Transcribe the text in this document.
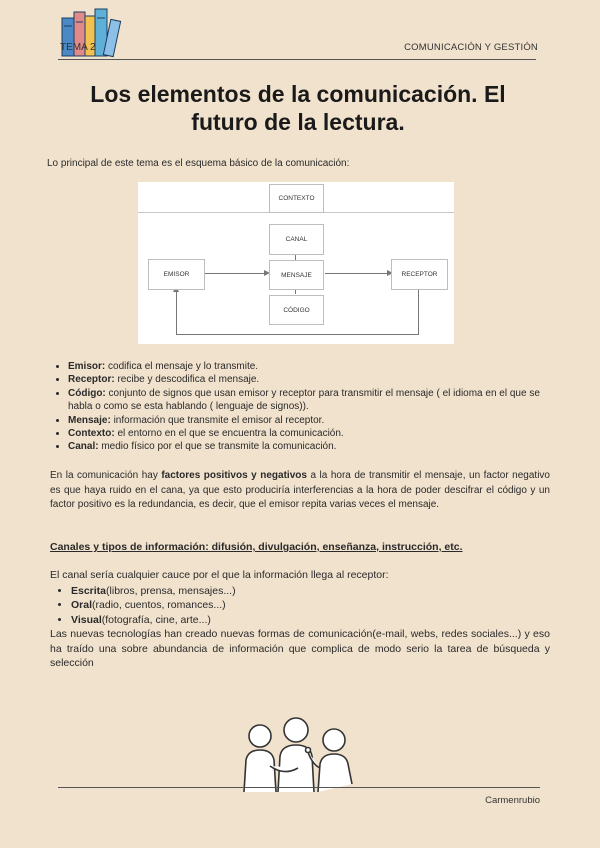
TEMA 2	COMUNICACIÓN Y GESTIÓN
Los elementos de la comunicación. El futuro de la lectura.
Lo principal de este tema es el esquema básico de la comunicación:
CONTEXTO
CANAL
EMISOR	MENSAJE	RECEPTOR
CÓDIGO
• Emisor: codifica el mensaje y lo transmite.
• Receptor: recibe y descodifica el mensaje.
• Código: conjunto de signos que usan emisor y receptor para transmitir el mensaje ( el idioma en el que se habla o como se esta hablando ( lenguaje de signos)).
• Mensaje: información que transmite el emisor al receptor.
• Contexto: el entorno en el que se encuentra la comunicación.
• Canal: medio físico por el que se transmite la comunicación.
En la comunicación hay factores positivos y negativos a la hora de transmitir el mensaje, un factor negativo es que haya ruido en el cana, ya que esto produciría interferencias a la hora de poder descifrar el código y un factor positivo es la redundancia, es decir, que el emisor repita varias veces el mensaje.
Canales y tipos de información: difusión, divulgación, enseñanza, instrucción, etc.
El canal sería cualquier cauce por el que la información llega al receptor:
• Escrita(libros, prensa, mensajes...)
• Oral(radio, cuentos, romances...)
• Visual(fotografía, cine, arte...)
Las nuevas tecnologías han creado nuevas formas de comunicación(e-mail, webs, redes sociales...) y eso ha traído una sobre abundancia de información que complica de modo serio la tarea de búsqueda y selección
Carmenrubio
